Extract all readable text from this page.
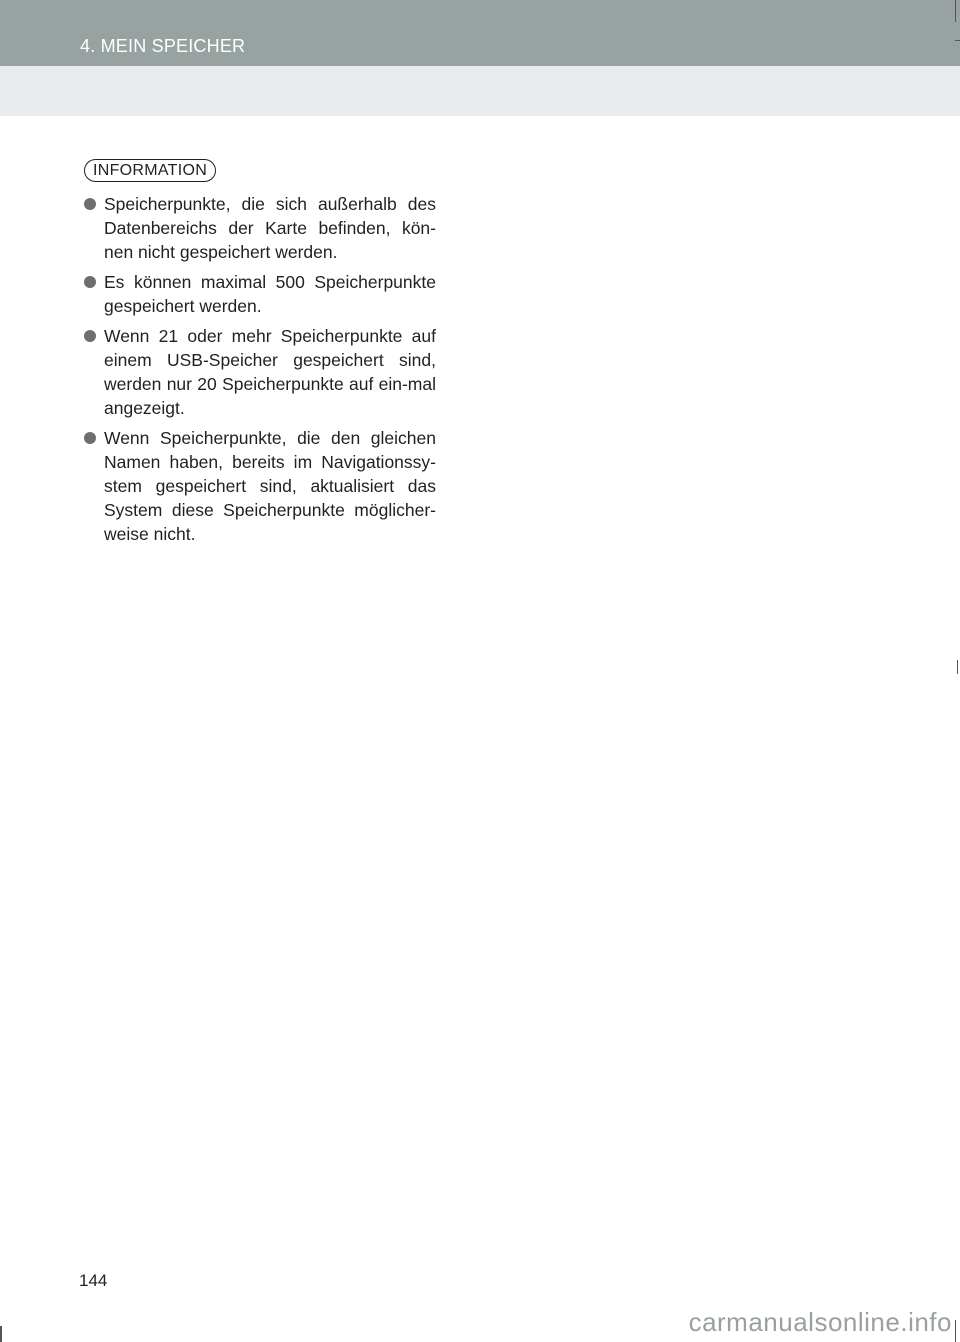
4. MEIN SPEICHER
INFORMATION
Speicherpunkte, die sich außerhalb des Datenbereichs der Karte befinden, kön-nen nicht gespeichert werden.
Es können maximal 500 Speicherpunkte gespeichert werden.
Wenn 21 oder mehr Speicherpunkte auf einem USB-Speicher gespeichert sind, werden nur 20 Speicherpunkte auf ein-mal angezeigt.
Wenn Speicherpunkte, die den gleichen Namen haben, bereits im Navigationssy-stem gespeichert sind, aktualisiert das System diese Speicherpunkte möglicher-weise nicht.
144
carmanualsonline.info
